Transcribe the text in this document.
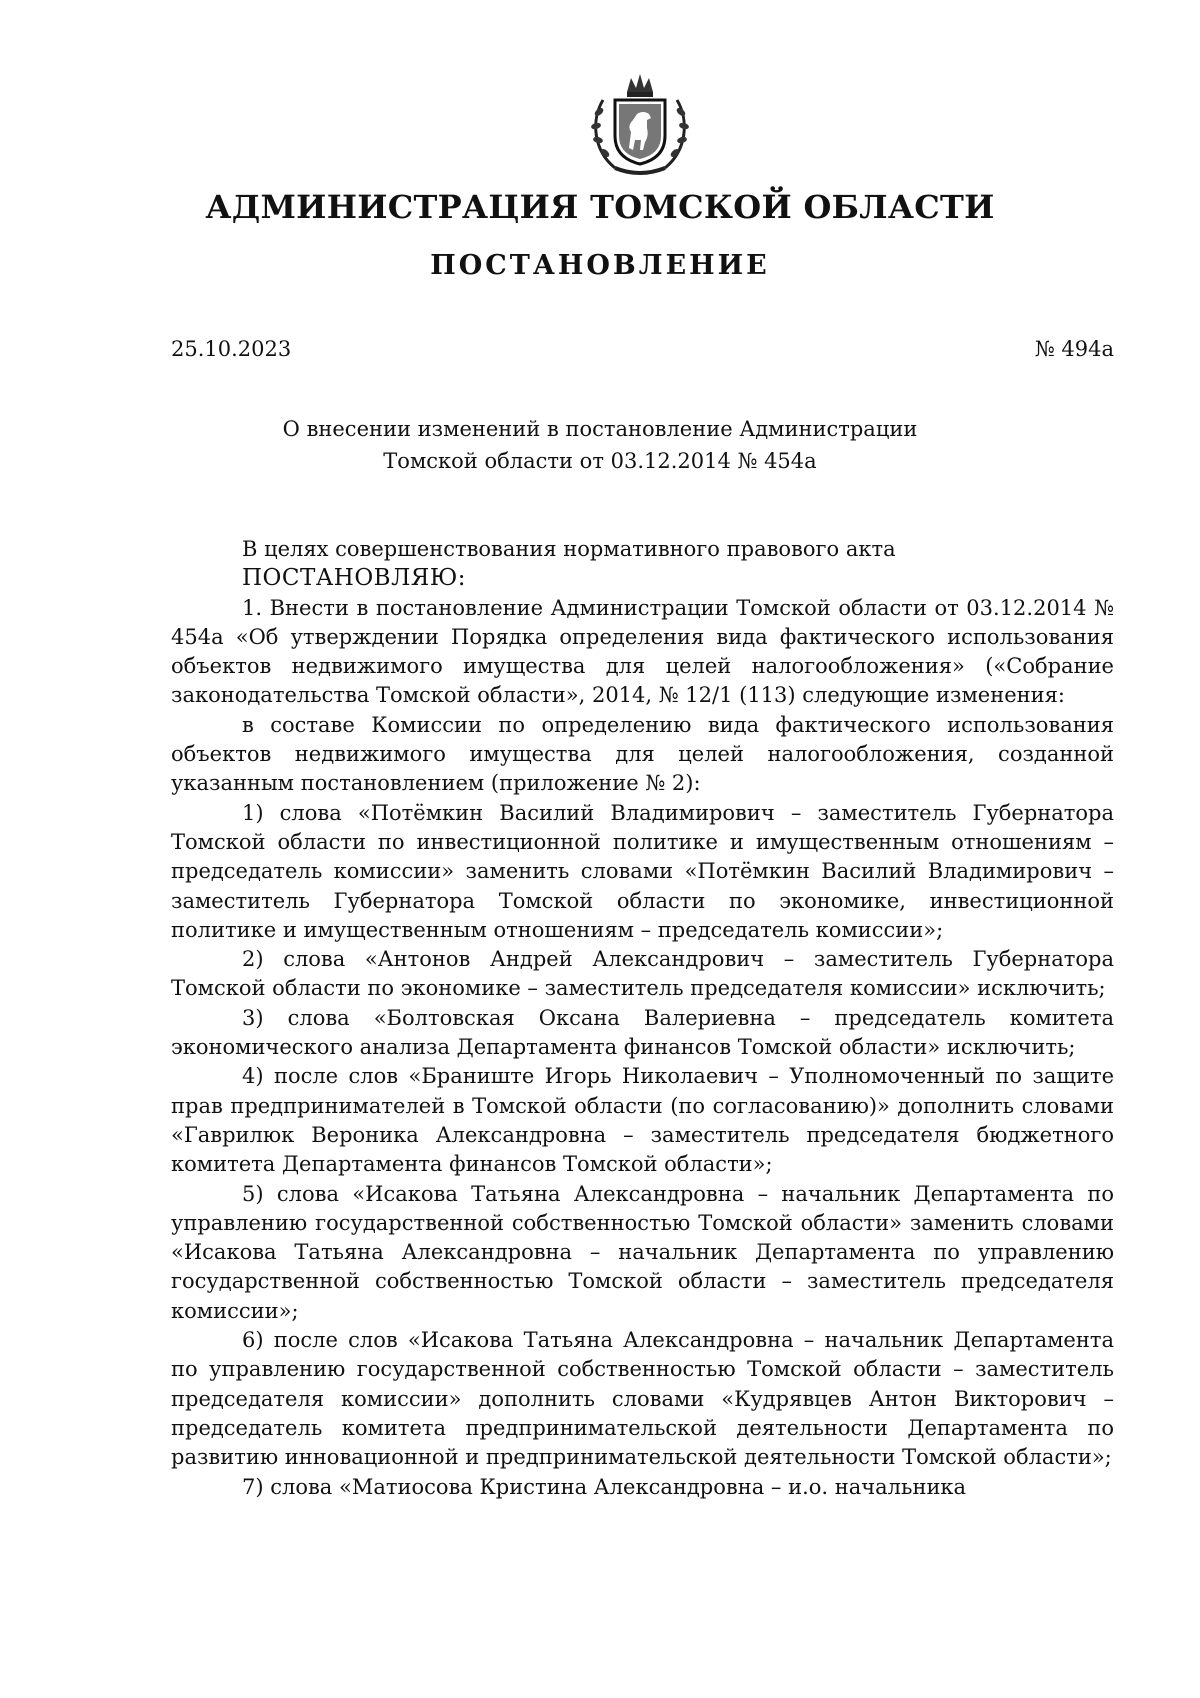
АДМИНИСТРАЦИЯ ТОМСКОЙ ОБЛАСТИ
ПОСТАНОВЛЕНИЕ
25.10.2023	№ 494а
О внесении изменений в постановление Администрации
Томской области от 03.12.2014 № 454а

В целях совершенствования нормативного правового акта

ПОСТАНОВЛЯЮ:

1. Внести в постановление Администрации Томской области от 03.12.2014 № 454а «Об утверждении Порядка определения вида фактического использования объектов недвижимого имущества для целей налогообложения» («Собрание законодательства Томской области», 2014, № 12/1 (113) следующие изменения:

в составе Комиссии по определению вида фактического использования объектов недвижимого имущества для целей налогообложения, созданной указанным постановлением (приложение № 2):

1) слова «Потёмкин Василий Владимирович – заместитель Губернатора Томской области по инвестиционной политике и имущественным отношениям – председатель комиссии» заменить словами «Потёмкин Василий Владимирович – заместитель Губернатора Томской области по экономике, инвестиционной политике и имущественным отношениям – председатель комиссии»;

2) слова «Антонов Андрей Александрович – заместитель Губернатора Томской области по экономике – заместитель председателя комиссии» исключить;

3) слова «Болтовская Оксана Валериевна – председатель комитета экономического анализа Департамента финансов Томской области» исключить;

4) после слов «Браниште Игорь Николаевич – Уполномоченный по защите прав предпринимателей в Томской области (по согласованию)» дополнить словами «Гаврилюк Вероника Александровна – заместитель председателя бюджетного комитета Департамента финансов Томской области»;

5) слова «Исакова Татьяна Александровна – начальник Департамента по управлению государственной собственностью Томской области» заменить словами «Исакова Татьяна Александровна – начальник Департамента по управлению государственной собственностью Томской области – заместитель председателя комиссии»;

6) после слов «Исакова Татьяна Александровна – начальник Департамента по управлению государственной собственностью Томской области – заместитель председателя комиссии» дополнить словами «Кудрявцев Антон Викторович – председатель комитета предпринимательской деятельности Департамента по развитию инновационной и предпринимательской деятельности Томской области»;

7) слова «Матиосова Кристина Александровна – и.о. начальника
